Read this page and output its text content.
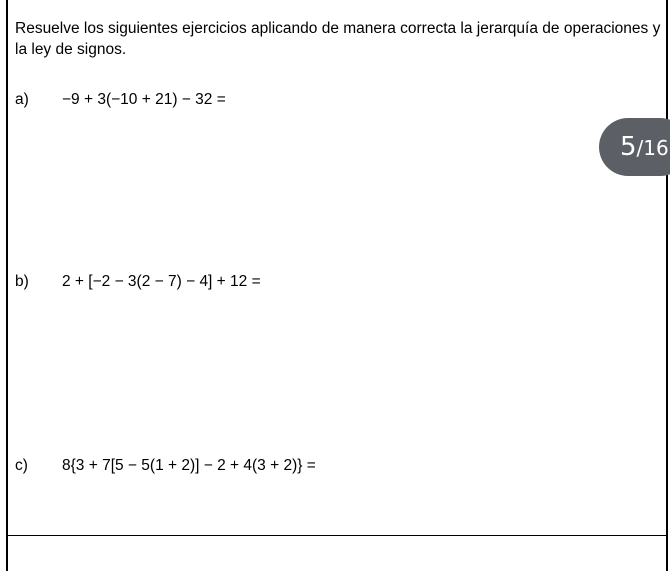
Resuelve los siguientes ejercicios aplicando de manera correcta la jerarquía de operaciones y la ley de signos.

a) −9 + 3(−10 + 21) − 32 =
b) 2 + [−2 − 3(2 − 7) − 4] + 12 =
c) 8{3 + 7[5 − 5(1 + 2)] − 2 + 4(3 + 2)} =
5/16
